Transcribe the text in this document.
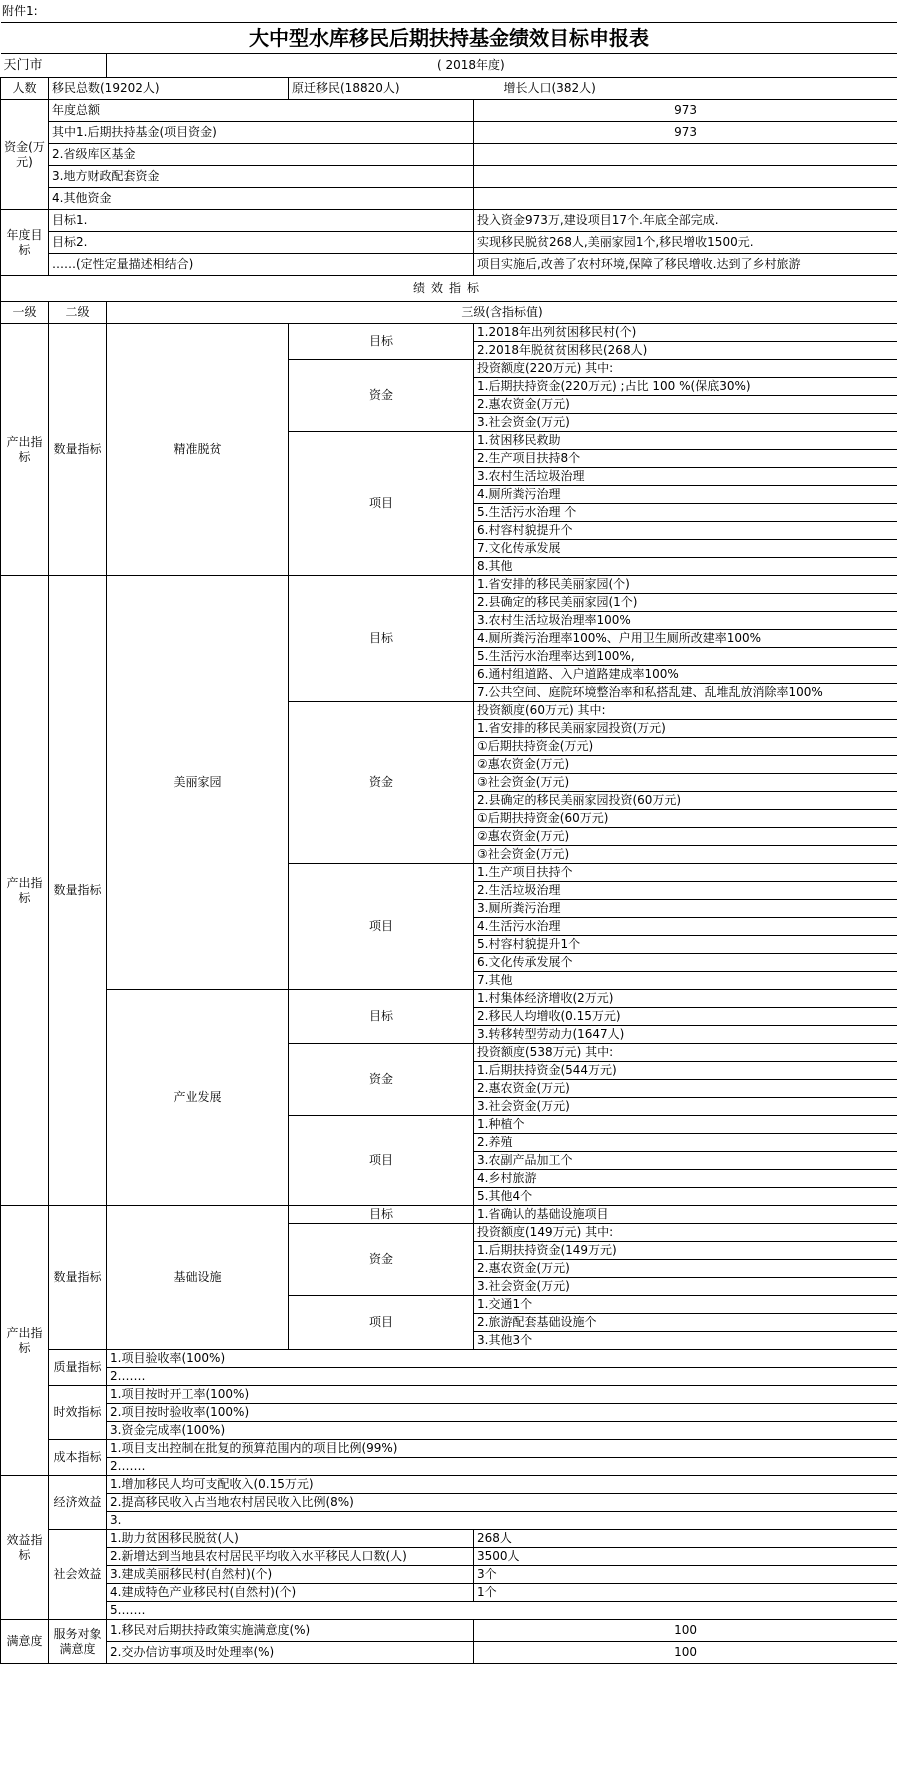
附件1:
大中型水库移民后期扶持基金绩效目标申报表				
天门市		( 2018年度)		
人数	移民总数(19202人)		原迁移民(18820人)	增长人口(382人)
资金(万元)	年度总额			973
	其中1.后期扶持基金(项目资金)			973
	2.省级库区基金			
	3.地方财政配套资金			
	4.其他资金			
年度目标	目标1.			投入资金973万,建设项目17个.年底全部完成.
	目标2.			实现移民脱贫268人,美丽家园1个,移民增收1500元.
	……(定性定量描述相结合)			项目实施后,改善了农村环境,保障了移民增收.达到了乡村旅游
绩效指标				
一级	二级	三级(含指标值)		
产出指标	数量指标	精准脱贫	目标	1.2018年出列贫困移民村(个)
				2.2018年脱贫贫困移民(268人)
			资金	投资额度(220万元) 其中:
				1.后期扶持资金(220万元) ;占比 100 %(保底30%)
				2.惠农资金(万元)
				3.社会资金(万元)
			项目	1.贫困移民救助
				2.生产项目扶持8个
				3.农村生活垃圾治理
				4.厕所粪污治理
				5.生活污水治理 个
				6.村容村貌提升个
				7.文化传承发展
				8.其他
产出指标	数量指标	美丽家园	目标	1.省安排的移民美丽家园(个)
				2.县确定的移民美丽家园(1个)
				3.农村生活垃圾治理率100%
				4.厕所粪污治理率100%、户用卫生厕所改建率100%
				5.生活污水治理率达到100%,
				6.通村组道路、入户道路建成率100%
				7.公共空间、庭院环境整治率和私搭乱建、乱堆乱放消除率100%
			资金	投资额度(60万元) 其中:
				1.省安排的移民美丽家园投资(万元)
				①后期扶持资金(万元)
				②惠农资金(万元)
				③社会资金(万元)
				2.县确定的移民美丽家园投资(60万元)
				①后期扶持资金(60万元)
				②惠农资金(万元)
				③社会资金(万元)
			项目	1.生产项目扶持个
				2.生活垃圾治理
				3.厕所粪污治理
				4.生活污水治理
				5.村容村貌提升1个
				6.文化传承发展个
				7.其他
		产业发展	目标	1.村集体经济增收(2万元)
				2.移民人均增收(0.15万元)
				3.转移转型劳动力(1647人)
			资金	投资额度(538万元) 其中:
				1.后期扶持资金(544万元)
				2.惠农资金(万元)
				3.社会资金(万元)
			项目	1.种植个
				2.养殖
				3.农副产品加工个
				4.乡村旅游
				5.其他4个
产出指标	数量指标	基础设施	目标	1.省确认的基础设施项目
			资金	投资额度(149万元) 其中:
				1.后期扶持资金(149万元)
				2.惠农资金(万元)
				3.社会资金(万元)
			项目	1.交通1个
				2.旅游配套基础设施个
				3.其他3个
	质量指标	1.项目验收率(100%)		
		2.……		
	时效指标	1.项目按时开工率(100%)		
		2.项目按时验收率(100%)		
		3.资金完成率(100%)		
	成本指标	1.项目支出控制在批复的预算范围内的项目比例(99%)		
		2.……		
效益指标	经济效益	1.增加移民人均可支配收入(0.15万元)		
		2.提高移民收入占当地农村居民收入比例(8%)		
		3.		
	社会效益	1.助力贫困移民脱贫(人)		268人
		2.新增达到当地县农村居民平均收入水平移民人口数(人)		3500人
		3.建成美丽移民村(自然村)(个)		3个
		4.建成特色产业移民村(自然村)(个)		1个
		5.……		
满意度	服务对象满意度	1.移民对后期扶持政策实施满意度(%)		100
		2.交办信访事项及时处理率(%)		100
